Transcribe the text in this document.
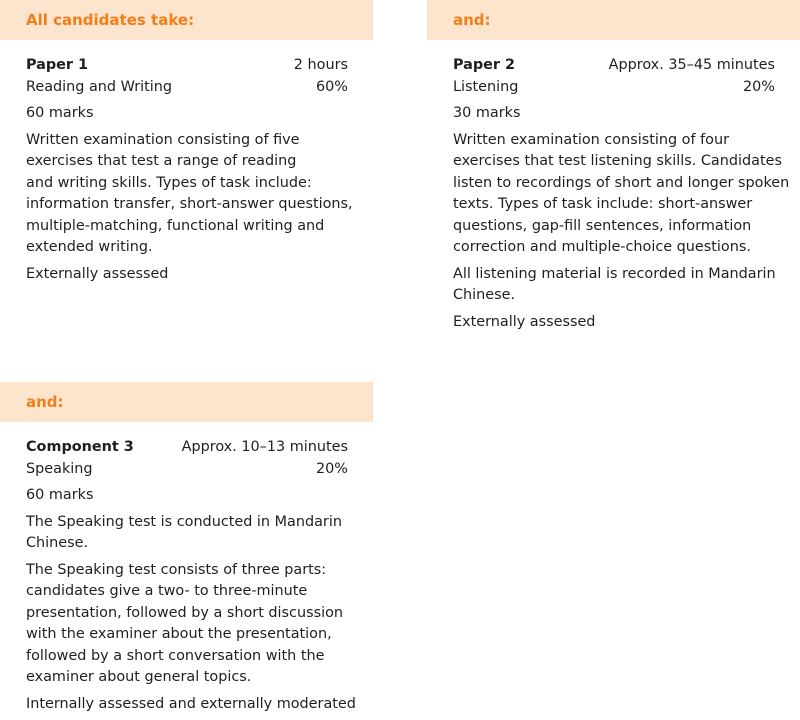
All candidates take:
Paper 1	2 hours
Reading and Writing	60%
60 marks
Written examination consisting of five
exercises that test a range of reading
and writing skills. Types of task include:
information transfer, short-answer questions,
multiple-matching, functional writing and
extended writing.
Externally assessed
and:
Paper 2	Approx. 35–45 minutes
Listening	20%
30 marks
Written examination consisting of four
exercises that test listening skills. Candidates
listen to recordings of short and longer spoken
texts. Types of task include: short-answer
questions, gap-fill sentences, information
correction and multiple-choice questions.
All listening material is recorded in Mandarin
Chinese.
Externally assessed
and:
Component 3	Approx. 10–13 minutes
Speaking	20%
60 marks
The Speaking test is conducted in Mandarin
Chinese.
The Speaking test consists of three parts:
candidates give a two- to three-minute
presentation, followed by a short discussion
with the examiner about the presentation,
followed by a short conversation with the
examiner about general topics.
Internally assessed and externally moderated
